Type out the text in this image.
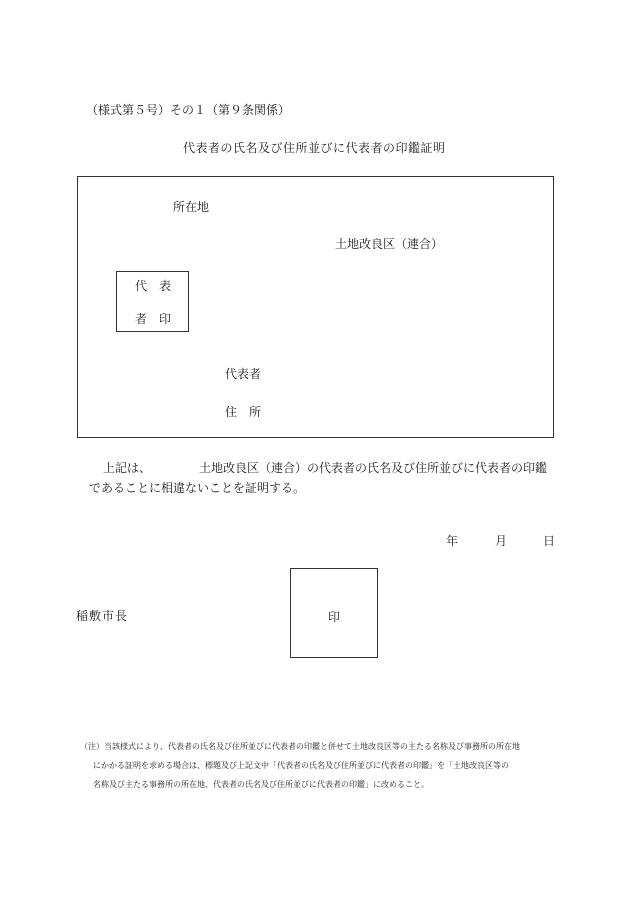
（様式第５号）その１（第９条関係）
代表者の氏名及び住所並びに代表者の印鑑証明
所在地
土地改良区（連合）
代　表
者　印
代表者
住　所
上記は、	土地改良区（連合）の代表者の氏名及び住所並びに代表者の印鑑
であることに相違ないことを証明する。
年	月	日
稲敷市長	印
（注）当該様式により、代表者の氏名及び住所並びに代表者の印鑑と併せて土地改良区等の主たる名称及び事務所の所在地
にかかる証明を求める場合は、標題及び上記文中「代表者の氏名及び住所並びに代表者の印鑑」を「土地改良区等の
名称及び主たる事務所の所在地、代表者の氏名及び住所並びに代表者の印鑑」に改めること。
